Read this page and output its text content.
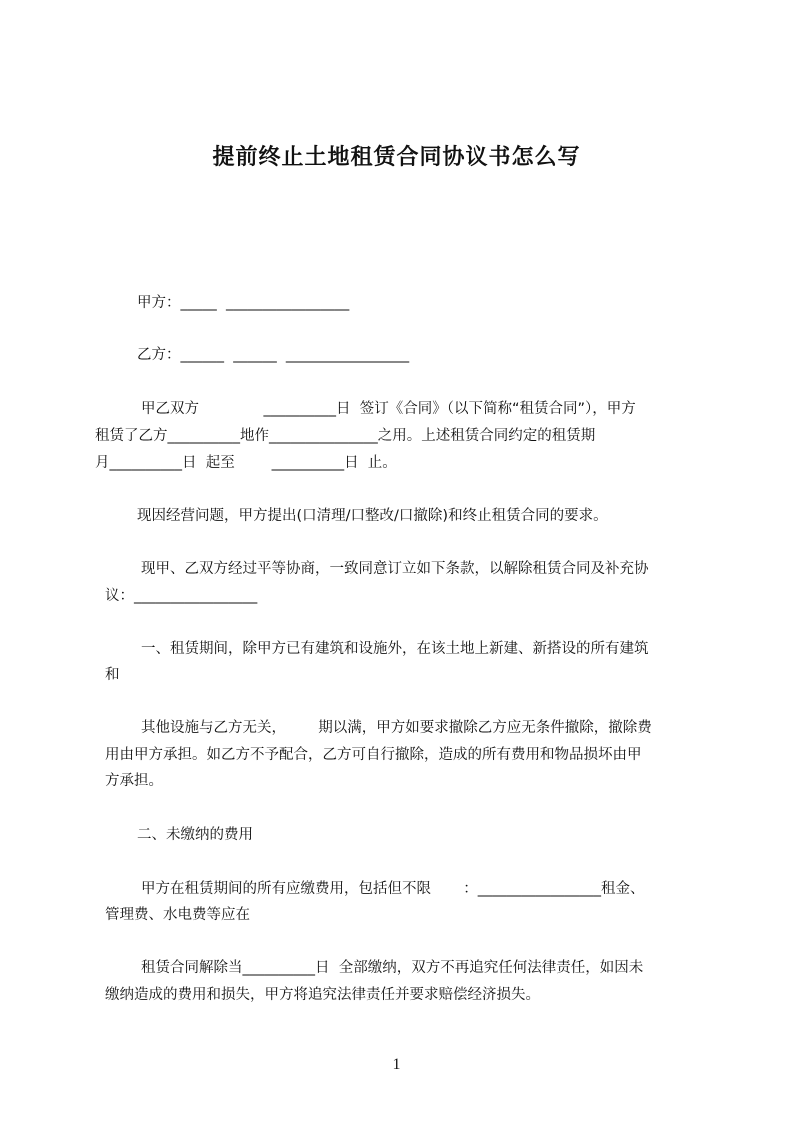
提前终止土地租赁合同协议书怎么写
甲方：_____  _________________
乙方：______  ______  _________________
甲乙双方              __________日  签订《合同》（以下简称“租赁合同”），甲方
租赁了乙方__________地作_______________之用。上述租赁合同约定的租赁期
月__________日  起至        __________日  止。
现因经营问题，甲方提出(口清理/口整改/口撤除)和终止租赁合同的要求。
现甲、乙双方经过平等协商，一致同意订立如下条款，以解除租赁合同及补充协
议：_________________
一、租赁期间，除甲方已有建筑和设施外，在该土地上新建、新搭设的所有建筑
和
其他设施与乙方无关，       期以满，甲方如要求撤除乙方应无条件撤除，撤除费
用由甲方承担。如乙方不予配合，乙方可自行撤除，造成的所有费用和物品损坏由甲
方承担。
二、未缴纳的费用
甲方在租赁期间的所有应缴费用，包括但不限       ：_________________租金、
管理费、水电费等应在
租赁合同解除当__________日  全部缴纳，双方不再追究任何法律责任，如因未
缴纳造成的费用和损失，甲方将追究法律责任并要求赔偿经济损失。
1
